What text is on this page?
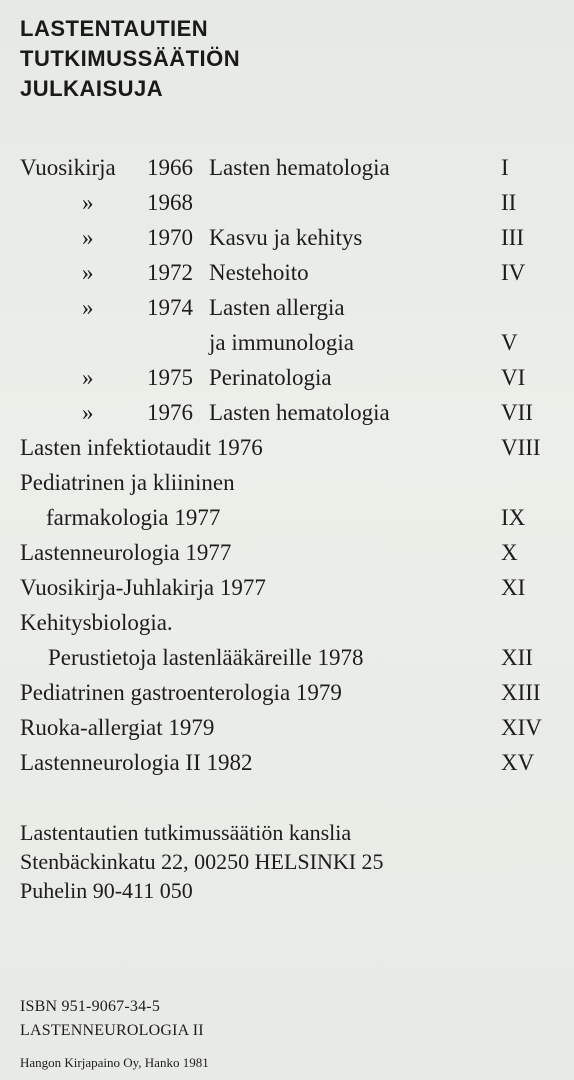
LASTENTAUTIEN
TUTKIMUSSÄÄTIÖN
JULKAISUJA
Vuosikirja 1966 Lasten hematologia	I
» 1968	II
» 1970 Kasvu ja kehitys	III
» 1972 Nestehoito	IV
» 1974 Lasten allergia
ja immunologia	V
» 1975 Perinatologia	VI
» 1976 Lasten hematologia	VII
Lasten infektiotaudit 1976	VIII
Pediatrinen ja kliininen
farmakologia 1977	IX
Lastenneurologia 1977	X
Vuosikirja-Juhlakirja 1977	XI
Kehitysbiologia.
Perustietoja lastenlääkäreille 1978	XII
Pediatrinen gastroenterologia 1979	XIII
Ruoka-allergiat 1979	XIV
Lastenneurologia II 1982	XV
Lastentautien tutkimussäätiön kanslia
Stenbäckinkatu 22, 00250 HELSINKI 25
Puhelin 90-411 050
ISBN 951-9067-34-5
LASTENNEUROLOGIA II
Hangon Kirjapaino Oy, Hanko 1981
